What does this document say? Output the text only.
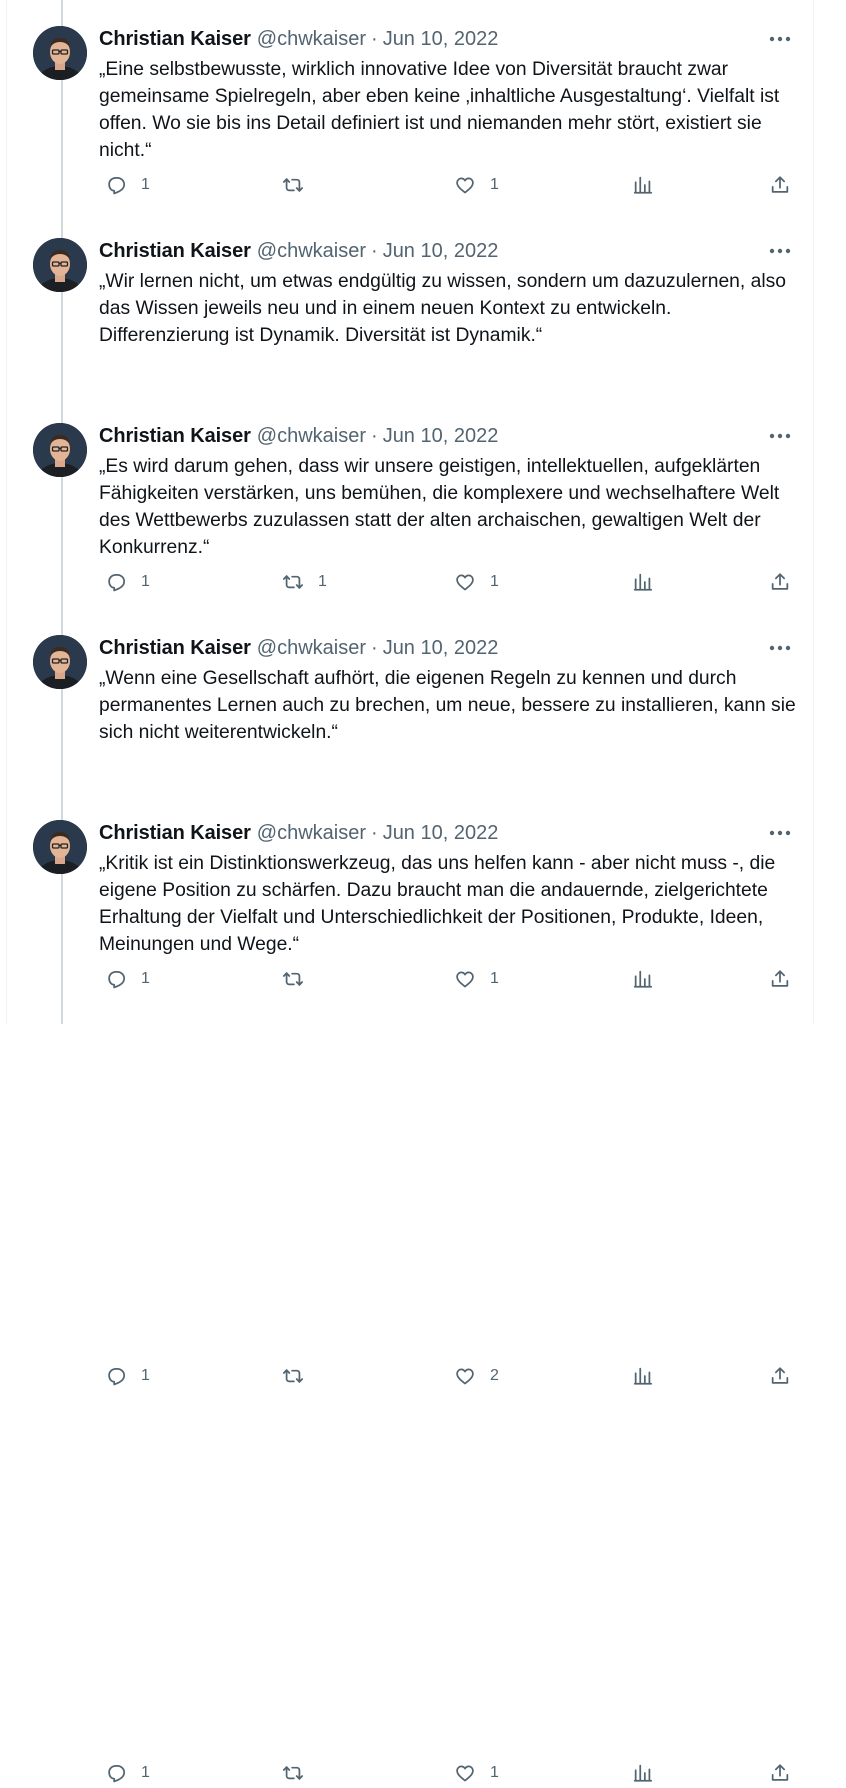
Christian Kaiser @chwkaiser · Jun 10, 2022
„Eine selbstbewusste, wirklich innovative Idee von Diversität braucht zwar gemeinsame Spielregeln, aber eben keine ‚inhaltliche Ausgestaltung‘. Vielfalt ist offen. Wo sie bis ins Detail definiert ist und niemanden mehr stört, existiert sie nicht.“
1	1
Christian Kaiser @chwkaiser · Jun 10, 2022
„Wir lernen nicht, um etwas endgültig zu wissen, sondern um dazuzulernen, also das Wissen jeweils neu und in einem neuen Kontext zu entwickeln. Differenzierung ist Dynamik. Diversität ist Dynamik.“
1	1	1
Christian Kaiser @chwkaiser · Jun 10, 2022
„Es wird darum gehen, dass wir unsere geistigen, intellektuellen, aufgeklärten Fähigkeiten verstärken, uns bemühen, die komplexere und wechselhaftere Welt des Wettbewerbs zuzulassen statt der alten archaischen, gewaltigen Welt der Konkurrenz.“
1	1
Christian Kaiser @chwkaiser · Jun 10, 2022
„Wenn eine Gesellschaft aufhört, die eigenen Regeln zu kennen und durch permanentes Lernen auch zu brechen, um neue, bessere zu installieren, kann sie sich nicht weiterentwickeln.“
1	2
Christian Kaiser @chwkaiser · Jun 10, 2022
„Kritik ist ein Distinktionswerkzeug, das uns helfen kann - aber nicht muss -, die eigene Position zu schärfen. Dazu braucht man die andauernde, zielgerichtete Erhaltung der Vielfalt und Unterschiedlichkeit der Positionen, Produkte, Ideen, Meinungen und Wege.“
1	1
